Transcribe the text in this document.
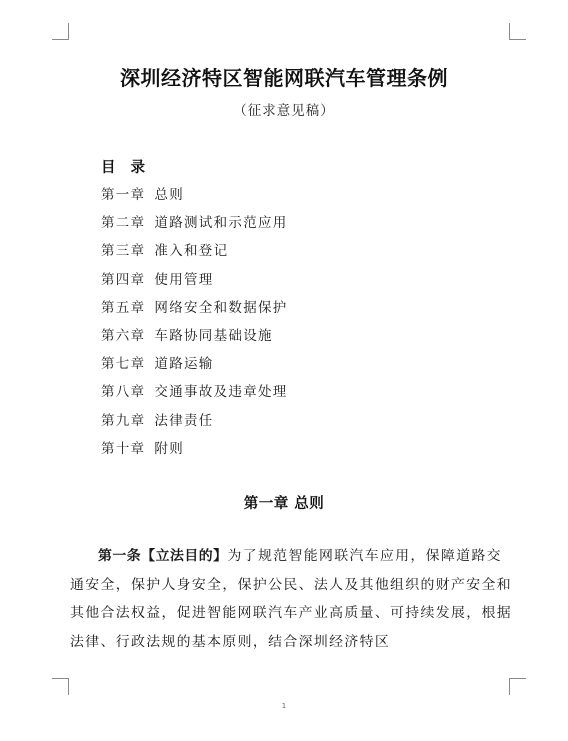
深圳经济特区智能网联汽车管理条例
（征求意见稿）
目 录
第一章 总则
第二章 道路测试和示范应用
第三章 准入和登记
第四章 使用管理
第五章 网络安全和数据保护
第六章 车路协同基础设施
第七章 道路运输
第八章 交通事故及违章处理
第九章 法律责任
第十章 附则
第一章 总则

第一条【立法目的】为了规范智能网联汽车应用，保障道路交通安全，保护人身安全，保护公民、法人及其他组织的财产安全和其他合法权益，促进智能网联汽车产业高质量、可持续发展，根据法律、行政法规的基本原则，结合深圳经济特区

1
